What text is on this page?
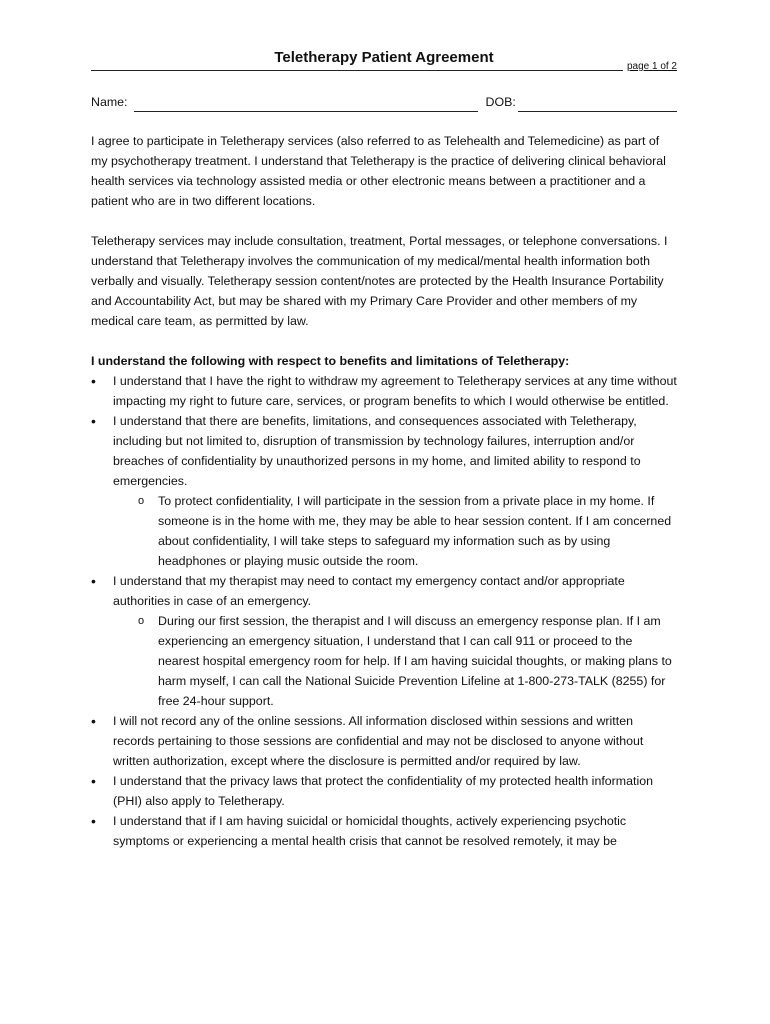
Teletherapy Patient Agreement
page 1 of 2
Name:	DOB:

I agree to participate in Teletherapy services (also referred to as Telehealth and Telemedicine) as part of my psychotherapy treatment. I understand that Teletherapy is the practice of delivering clinical behavioral health services via technology assisted media or other electronic means between a practitioner and a patient who are in two different locations.

Teletherapy services may include consultation, treatment, Portal messages, or telephone conversations. I understand that Teletherapy involves the communication of my medical/mental health information both verbally and visually. Teletherapy session content/notes are protected by the Health Insurance Portability and Accountability Act, but may be shared with my Primary Care Provider and other members of my medical care team, as permitted by law.

I understand the following with respect to benefits and limitations of Teletherapy:
• I understand that I have the right to withdraw my agreement to Teletherapy services at any time without impacting my right to future care, services, or program benefits to which I would otherwise be entitled.
• I understand that there are benefits, limitations, and consequences associated with Teletherapy, including but not limited to, disruption of transmission by technology failures, interruption and/or breaches of confidentiality by unauthorized persons in my home, and limited ability to respond to emergencies.
o To protect confidentiality, I will participate in the session from a private place in my home. If someone is in the home with me, they may be able to hear session content. If I am concerned about confidentiality, I will take steps to safeguard my information such as by using headphones or playing music outside the room.
• I understand that my therapist may need to contact my emergency contact and/or appropriate authorities in case of an emergency.
o During our first session, the therapist and I will discuss an emergency response plan. If I am experiencing an emergency situation, I understand that I can call 911 or proceed to the nearest hospital emergency room for help. If I am having suicidal thoughts, or making plans to harm myself, I can call the National Suicide Prevention Lifeline at 1-800-273-TALK (8255) for free 24-hour support.
• I will not record any of the online sessions. All information disclosed within sessions and written records pertaining to those sessions are confidential and may not be disclosed to anyone without written authorization, except where the disclosure is permitted and/or required by law.
• I understand that the privacy laws that protect the confidentiality of my protected health information (PHI) also apply to Teletherapy.
• I understand that if I am having suicidal or homicidal thoughts, actively experiencing psychotic symptoms or experiencing a mental health crisis that cannot be resolved remotely, it may be
